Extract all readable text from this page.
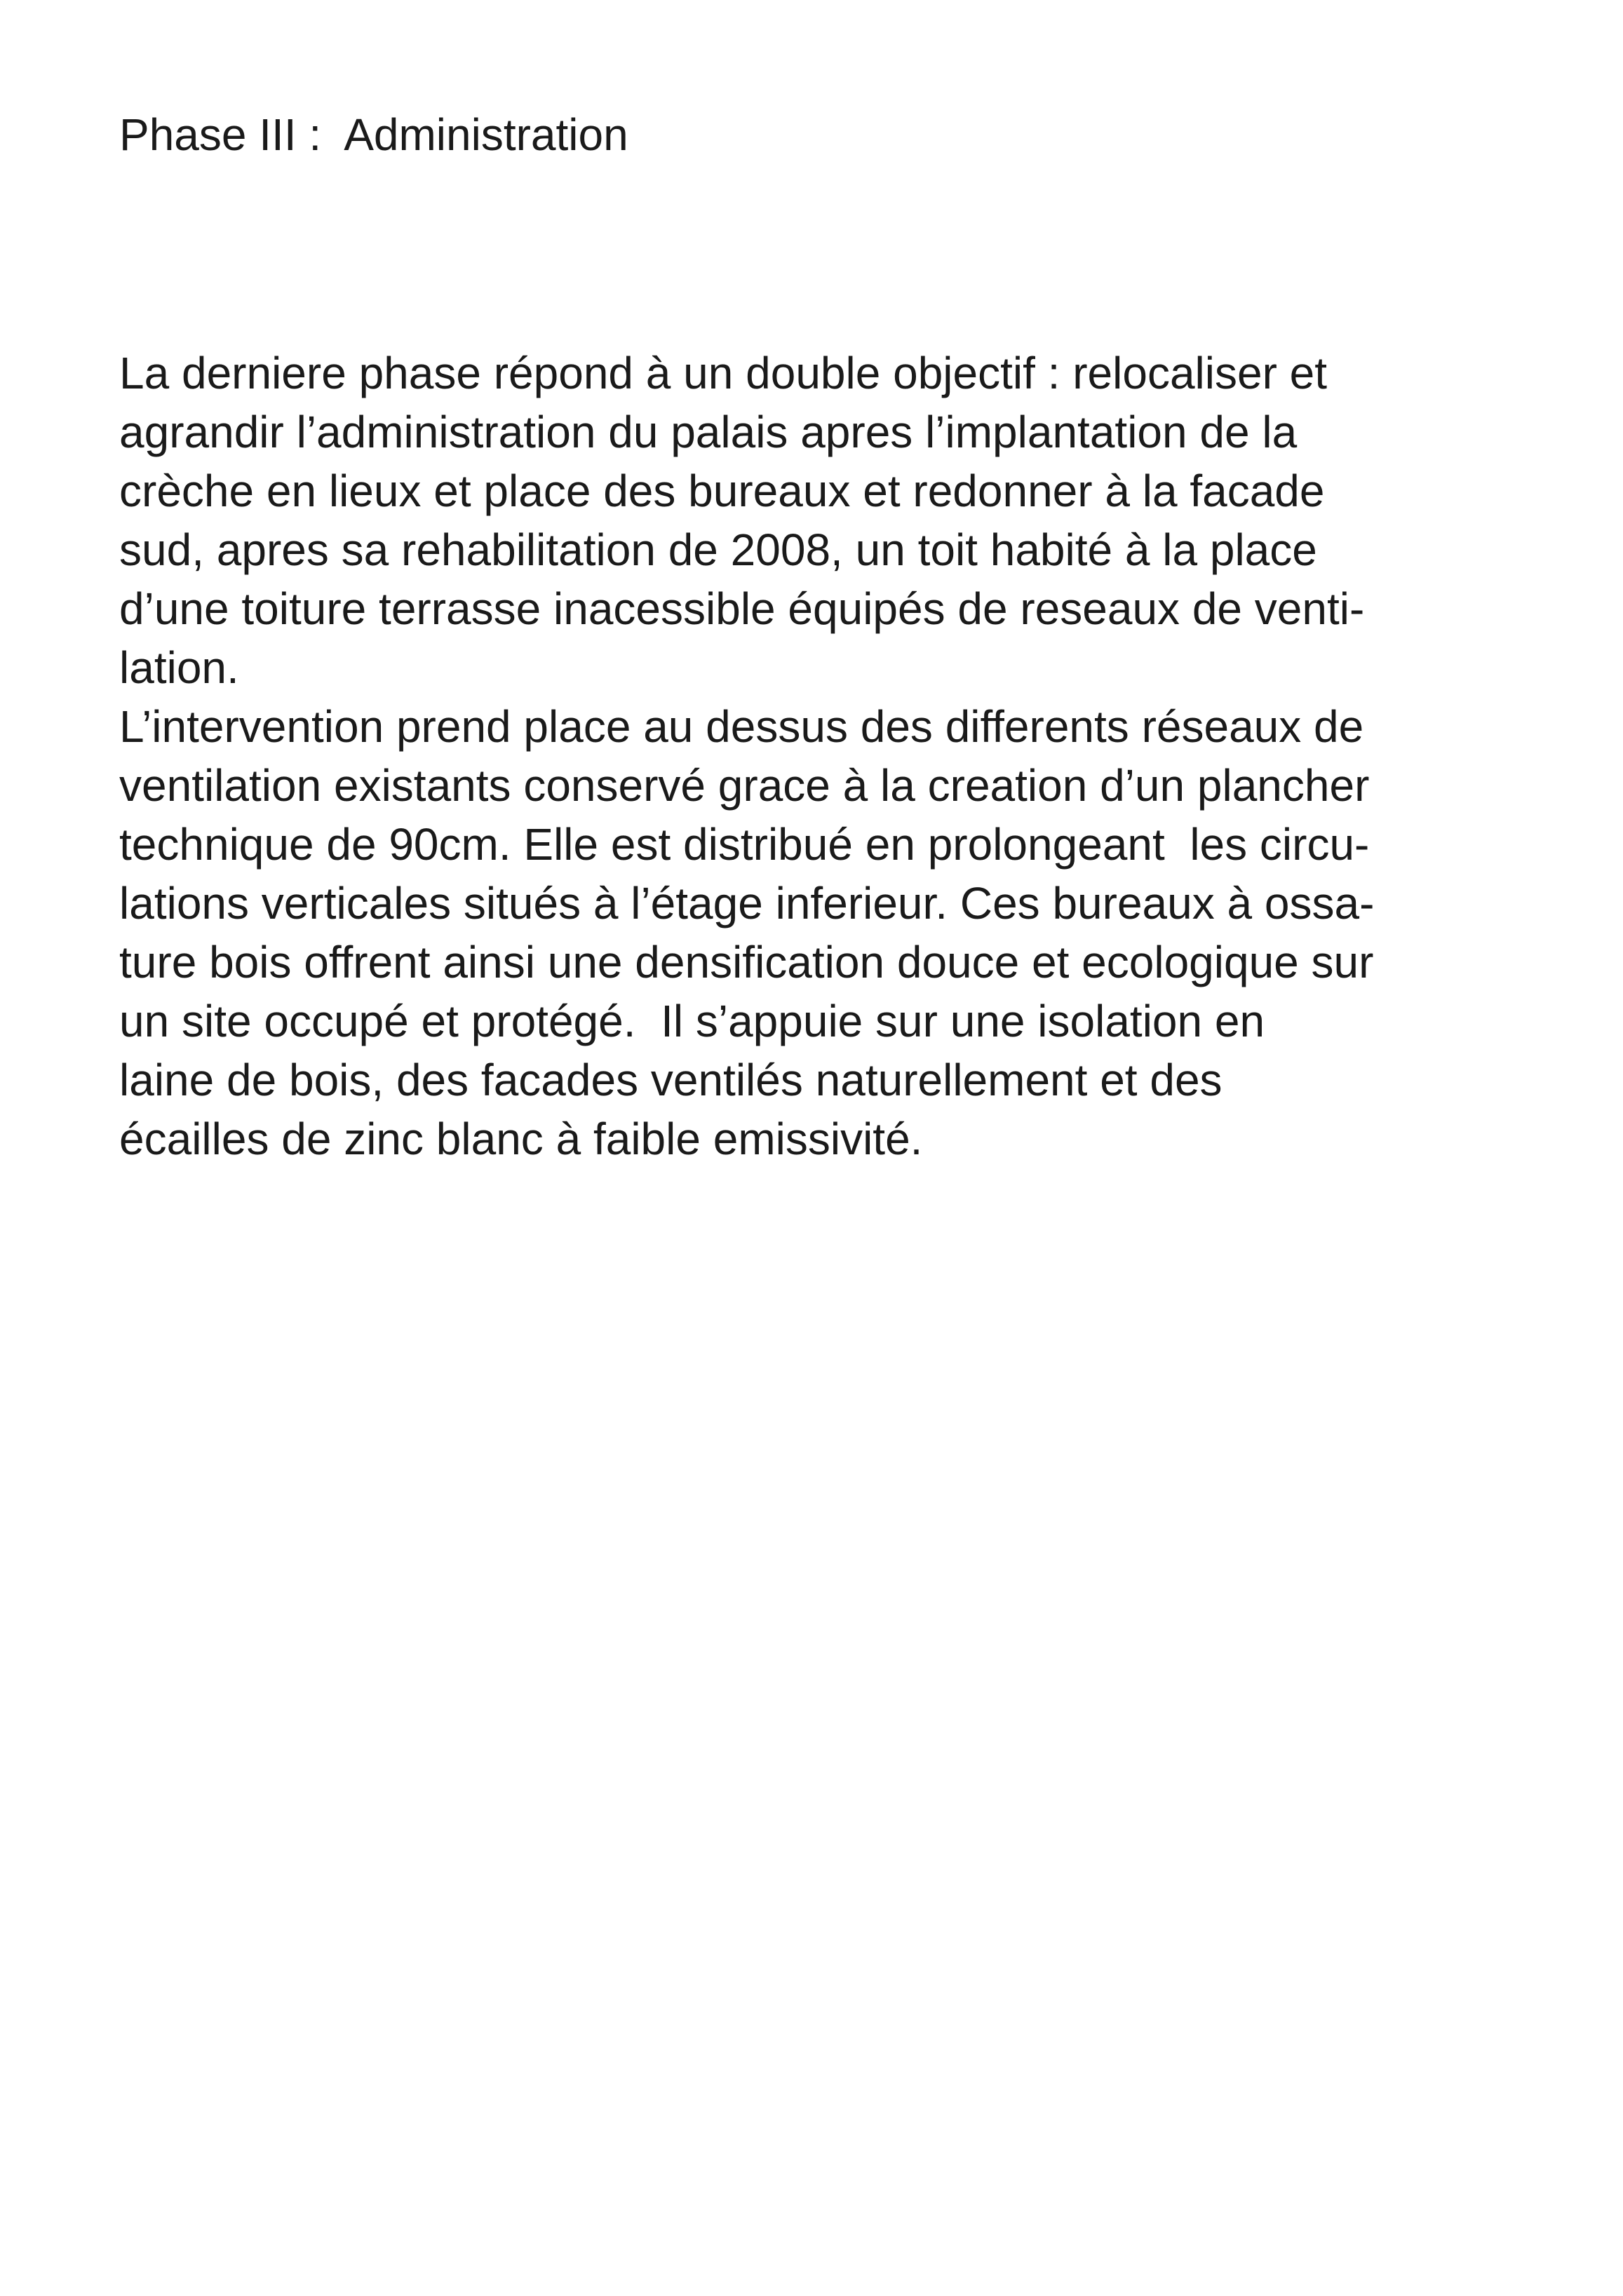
Phase III :  Administration
La derniere phase répond à un double objectif : relocaliser et
agrandir l’administration du palais apres l’implantation de la
crèche en lieux et place des bureaux et redonner à la facade
sud, apres sa rehabilitation de 2008, un toit habité à la place
d’une toiture terrasse inacessible équipés de reseaux de venti-
lation.
L’intervention prend place au dessus des differents réseaux de
ventilation existants conservé grace à la creation d’un plancher
technique de 90cm. Elle est distribué en prolongeant  les circu-
lations verticales situés à l’étage inferieur. Ces bureaux à ossa-
ture bois offrent ainsi une densification douce et ecologique sur
un site occupé et protégé.  Il s’appuie sur une isolation en
laine de bois, des facades ventilés naturellement et des
écailles de zinc blanc à faible emissivité.
